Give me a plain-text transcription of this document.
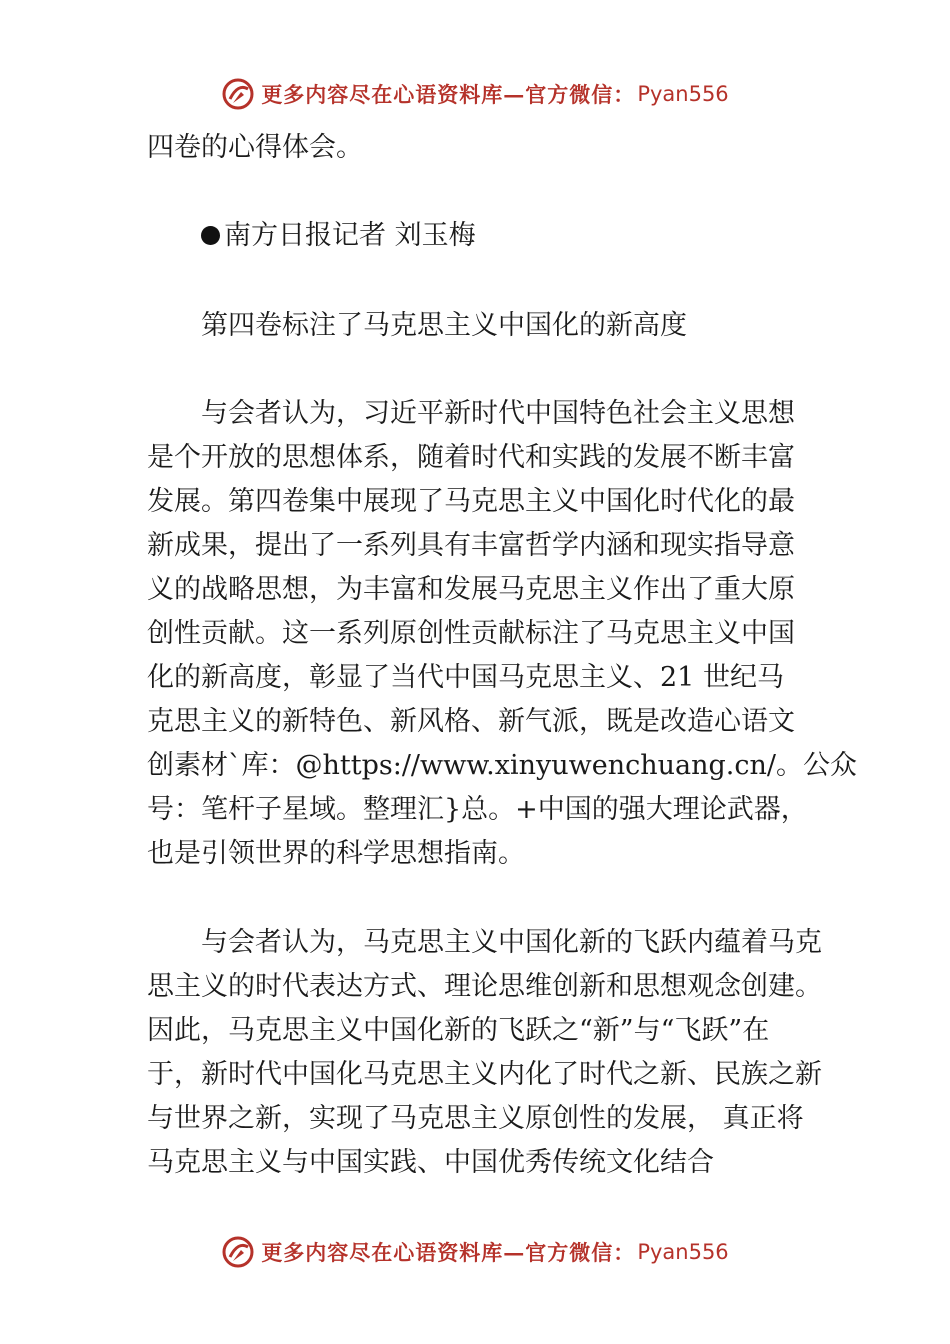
更多内容尽在心语资料库—官方微信： Pyan556
四卷的心得体会。
南方日报记者 刘玉梅
第四卷标注了马克思主义中国化的新高度
与会者认为，习近平新时代中国特色社会主义思想
是个开放的思想体系，随着时代和实践的发展不断丰富
发展。第四卷集中展现了马克思主义中国化时代化的最
新成果，提出了一系列具有丰富哲学内涵和现实指导意
义的战略思想，为丰富和发展马克思主义作出了重大原
创性贡献。这一系列原创性贡献标注了马克思主义中国
化的新高度，彰显了当代中国马克思主义、21 世纪马
克思主义的新特色、新风格、新气派，既是改造心语文
创素材`库：@https://www.xinyuwenchuang.cn/。公众
号：笔杆子星域。整理汇}总。+中国的强大理论武器，
也是引领世界的科学思想指南。
与会者认为，马克思主义中国化新的飞跃内蕴着马克
思主义的时代表达方式、理论思维创新和思想观念创建。
因此，马克思主义中国化新的飞跃之“新”与“飞跃”在
于，新时代中国化马克思主义内化了时代之新、民族之新
与世界之新，实现了马克思主义原创性的发展， 真正将
马克思主义与中国实践、中国优秀传统文化结合
更多内容尽在心语资料库—官方微信： Pyan556
